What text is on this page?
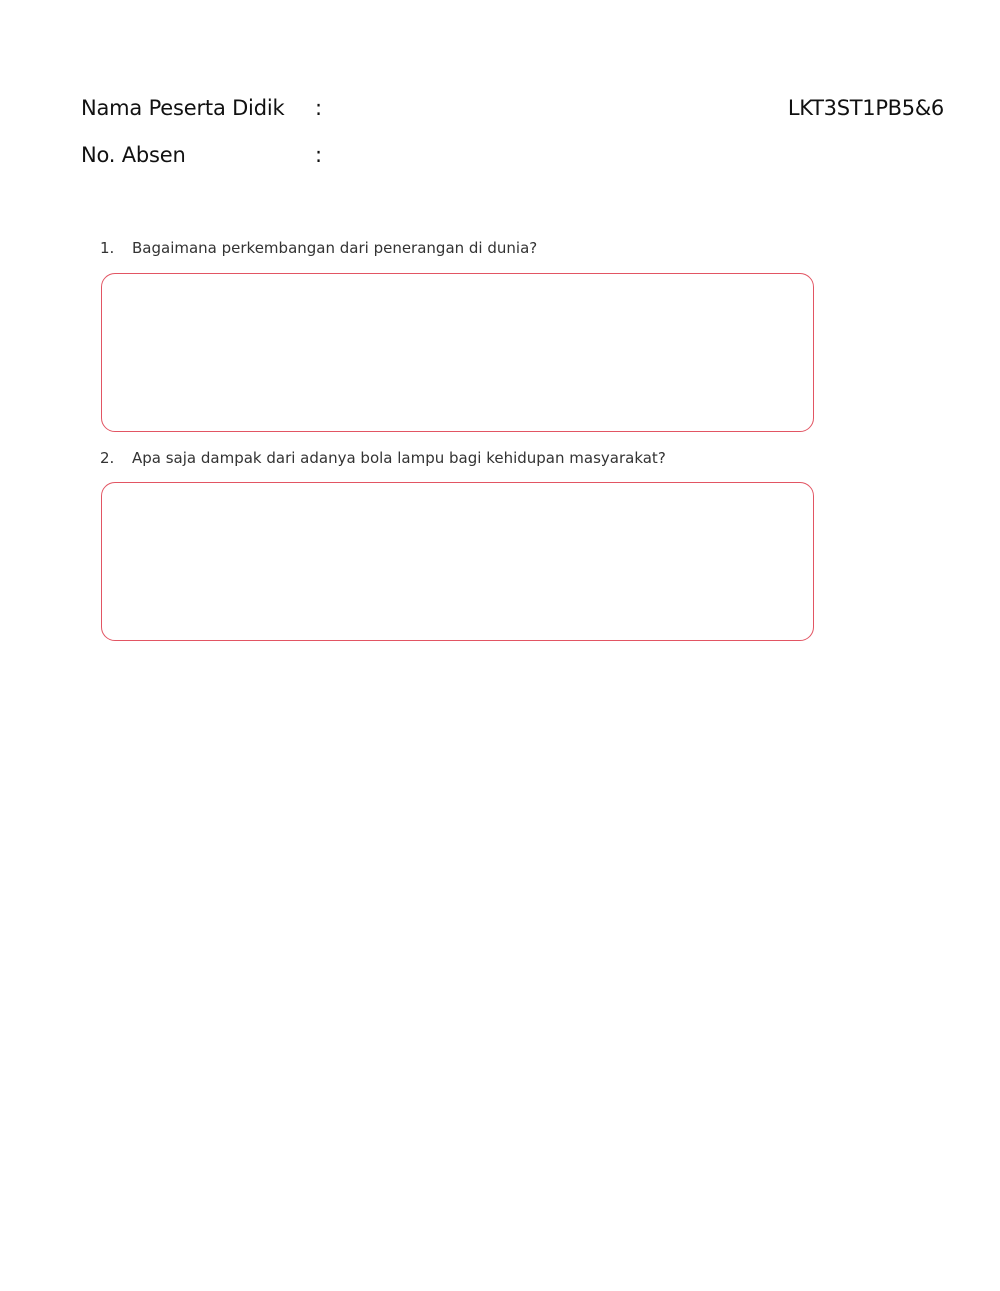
Nama Peserta Didik :	LKT3ST1PB5&6
No. Absen	:
1.	Bagaimana perkembangan dari penerangan di dunia?
2.	Apa saja dampak dari adanya bola lampu bagi kehidupan masyarakat?
